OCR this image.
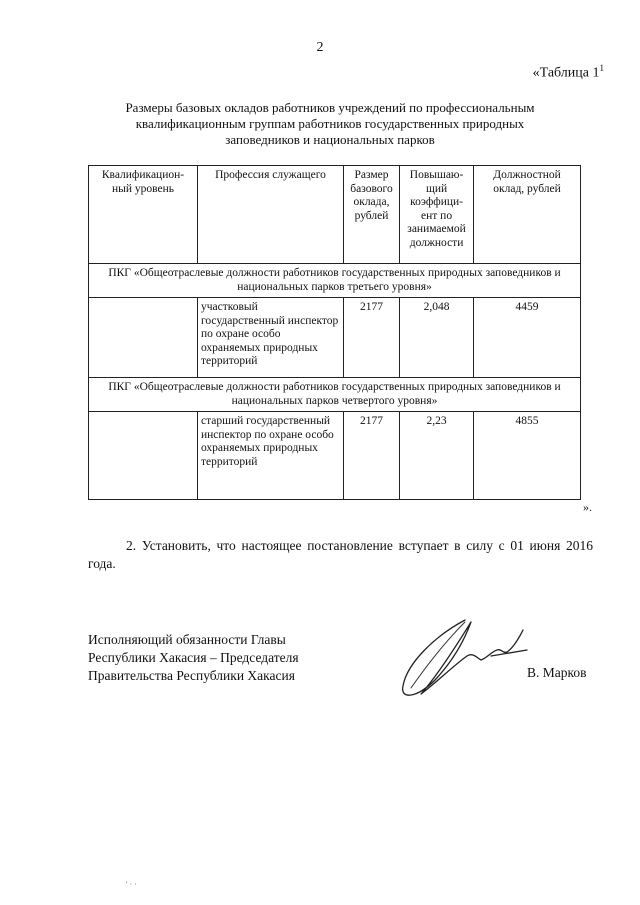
2
«Таблица $1^1$
Размеры базовых окладов работников учреждений по профессиональным
квалификационным группам работников государственных природных
заповедников и национальных парков
Квалификацион-ный уровень	Профессия служащего	Размер базового оклада, рублей	Повышаю-щий коэффици-ент по занимаемой должности	Должностной оклад, рублей
ПКГ «Общеотраслевые должности работников государственных природных заповедников и национальных парков третьего уровня»				
	участковый государственный инспектор по охране особо охраняемых природных территорий	2177	2,048	4459
ПКГ «Общеотраслевые должности работников государственных природных заповедников и национальных парков четвертого уровня»				
	старший государственный инспектор по охране особо охраняемых природных территорий	2177	2,23	4855
».
2. Установить, что настоящее постановление вступает в силу с 01 июня 2016 года.
Исполняющий обязанности Главы
Республики Хакасия – Председателя
Правительства Республики Хакасия	В. Марков
' · ·
